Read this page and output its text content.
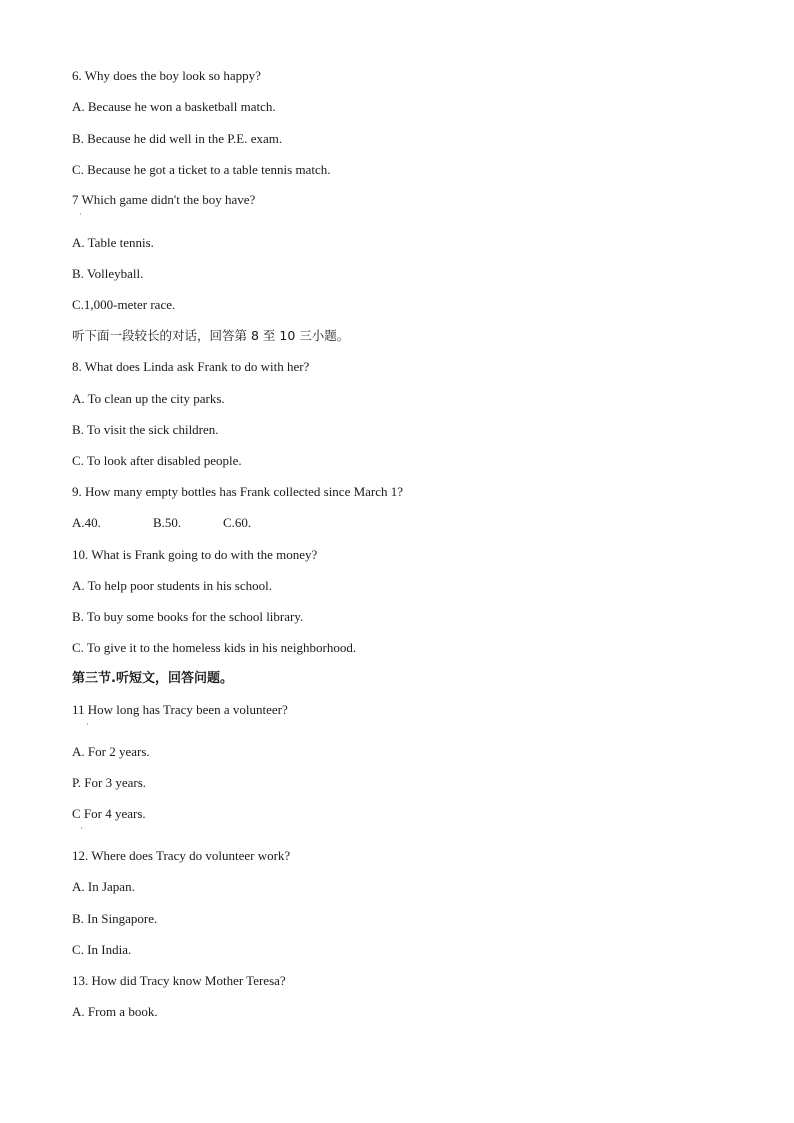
6. Why does the boy look so happy?
A. Because he won a basketball match.
B. Because he did well in the P.E. exam.
C. Because he got a ticket to a table tennis match.
7 Which game didn't the boy have?
·
A. Table tennis.
B. Volleyball.
C.1,000-meter race.
听下面一段较长的对话，回答第 8 至 10 三小题。
8. What does Linda ask Frank to do with her?
A. To clean up the city parks.
B. To visit the sick children.
C. To look after disabled people.
9. How many empty bottles has Frank collected since March 1?
A.40.	B.50.	C.60.
10. What is Frank going to do with the money?
A. To help poor students in his school.
B. To buy some books for the school library.
C. To give it to the homeless kids in his neighborhood.
第三节.听短文，回答问题。
11 How long has Tracy been a volunteer?
·
A. For 2 years.
P. For 3 years.
C For 4 years.
·
12. Where does Tracy do volunteer work?
A. In Japan.
B. In Singapore.
C. In India.
13. How did Tracy know Mother Teresa?
A. From a book.
